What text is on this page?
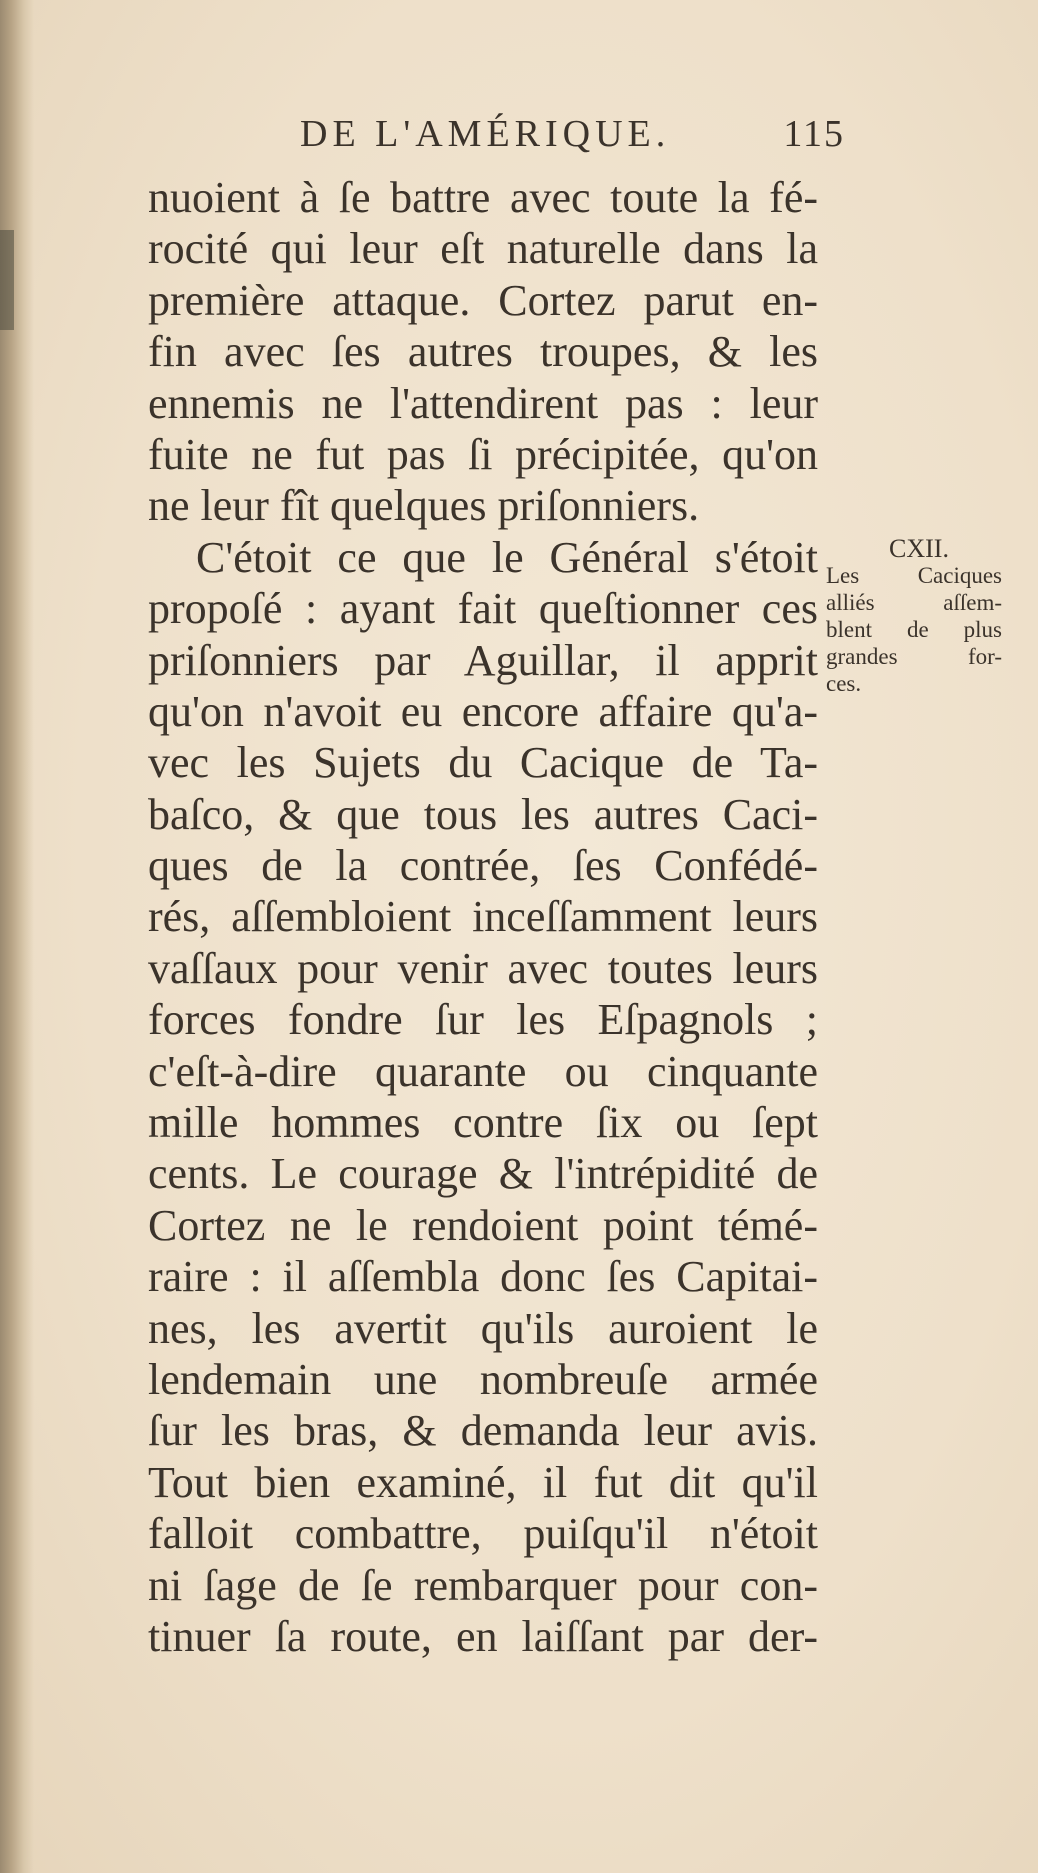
DE L'AMÉRIQUE.	115
nuoient à ſe battre avec toute la fé-
rocité qui leur eſt naturelle dans la
première attaque. Cortez parut en-
fin avec ſes autres troupes, & les
ennemis ne l'attendirent pas : leur
fuite ne fut pas ſi précipitée, qu'on
ne leur fît quelques priſonniers.
C'étoit ce que le Général s'étoit
propoſé : ayant fait queſtionner ces
priſonniers par Aguillar, il apprit
qu'on n'avoit eu encore affaire qu'a-
vec les Sujets du Cacique de Ta-
baſco, & que tous les autres Caci-
ques de la contrée, ſes Confédé-
rés, aſſembloient inceſſamment leurs
vaſſaux pour venir avec toutes leurs
forces fondre ſur les Eſpagnols ;
c'eſt-à-dire quarante ou cinquante
mille hommes contre ſix ou ſept
cents. Le courage & l'intrépidité de
Cortez ne le rendoient point témé-
raire : il aſſembla donc ſes Capitai-
nes, les avertit qu'ils auroient le
lendemain une nombreuſe armée
ſur les bras, & demanda leur avis.
Tout bien examiné, il fut dit qu'il
falloit combattre, puiſqu'il n'étoit
ni ſage de ſe rembarquer pour con-
tinuer ſa route, en laiſſant par der-
CXII.
Les Caciques
alliés aſſem-
blent de plus
grandes for-
ces.
